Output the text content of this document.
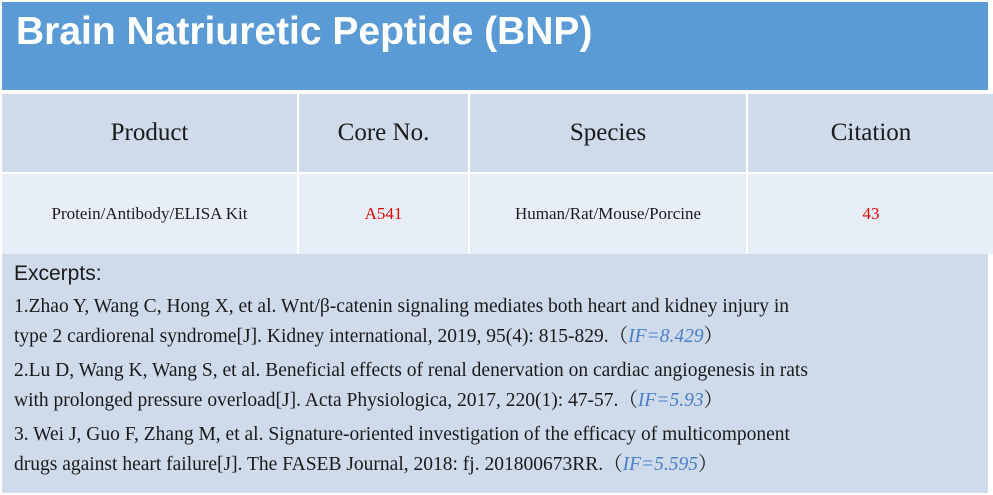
Brain Natriuretic Peptide (BNP)
Product	Core No.	Species	Citation
Protein/Antibody/ELISA Kit	A541	Human/Rat/Mouse/Porcine	43
Excerpts:
1.Zhao Y, Wang C, Hong X, et al. Wnt/β-catenin signaling mediates both heart and kidney injury in
type 2 cardiorenal syndrome[J]. Kidney international, 2019, 95(4): 815-829.（IF=8.429）
2.Lu D, Wang K, Wang S, et al. Beneficial effects of renal denervation on cardiac angiogenesis in rats
with prolonged pressure overload[J]. Acta Physiologica, 2017, 220(1): 47-57.（IF=5.93）
3. Wei J, Guo F, Zhang M, et al. Signature-oriented investigation of the efficacy of multicomponent
drugs against heart failure[J]. The FASEB Journal, 2018: fj. 201800673RR.（IF=5.595）
